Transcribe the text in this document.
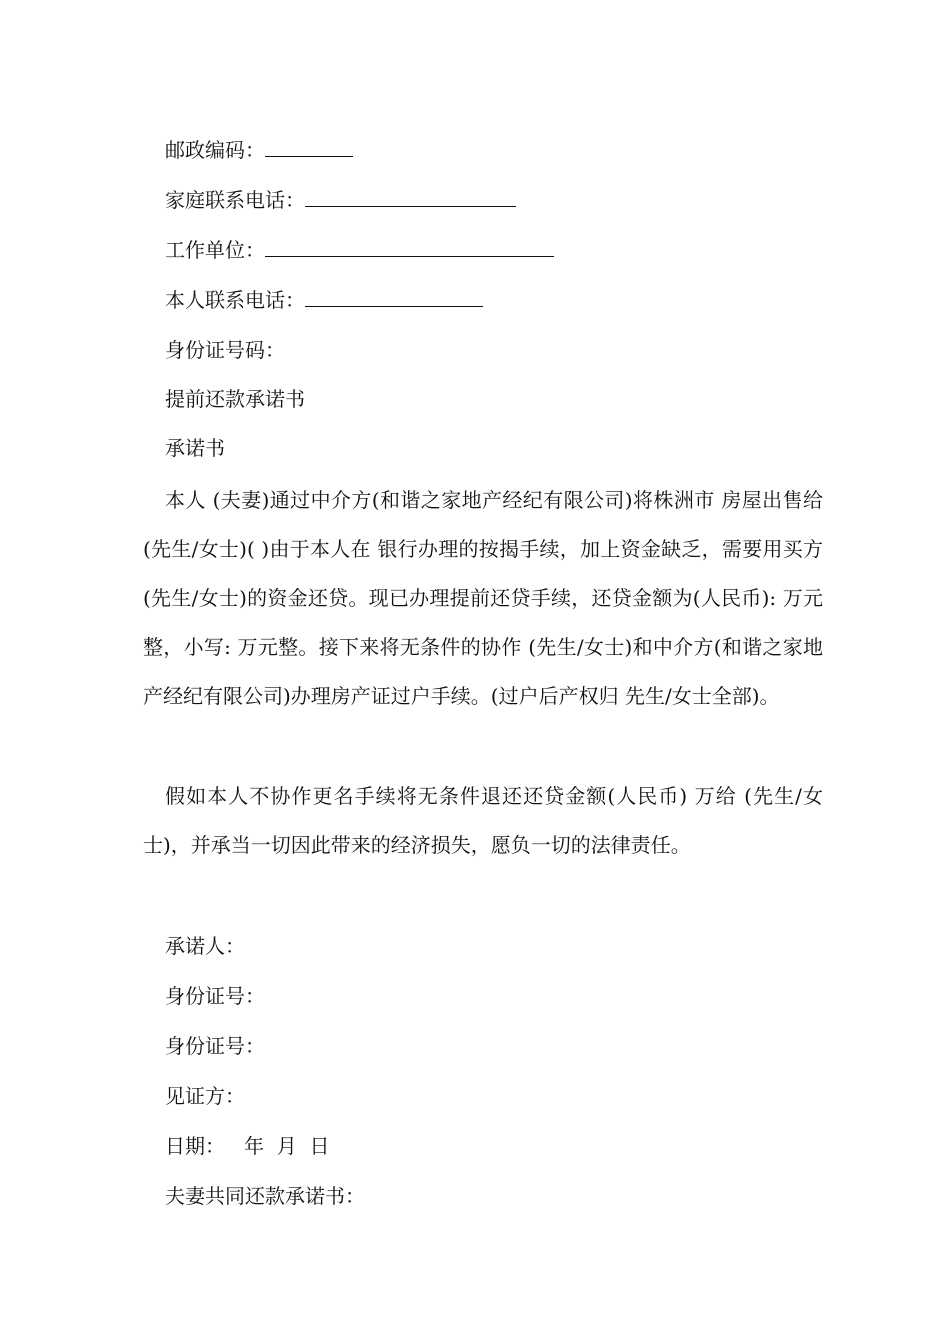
邮政编码：
家庭联系电话：
工作单位：
本人联系电话：
身份证号码：
提前还款承诺书
承诺书
本人 (夫妻)通过中介方(和谐之家地产经纪有限公司)将株洲市 房屋出售给 (先生/女士)( )由于本人在 银行办理的按揭手续，加上资金缺乏，需要用买方 (先生/女士)的资金还贷。现已办理提前还贷手续，还贷金额为(人民币): 万元整，小写: 万元整。接下来将无条件的协作 (先生/女士)和中介方(和谐之家地产经纪有限公司)办理房产证过户手续。(过户后产权归 先生/女士全部)。
假如本人不协作更名手续将无条件退还还贷金额(人民币) 万给 (先生/女士)，并承当一切因此带来的经济损失，愿负一切的法律责任。
承诺人：
身份证号：
身份证号：
见证方：
日期：   年  月  日
夫妻共同还款承诺书：
